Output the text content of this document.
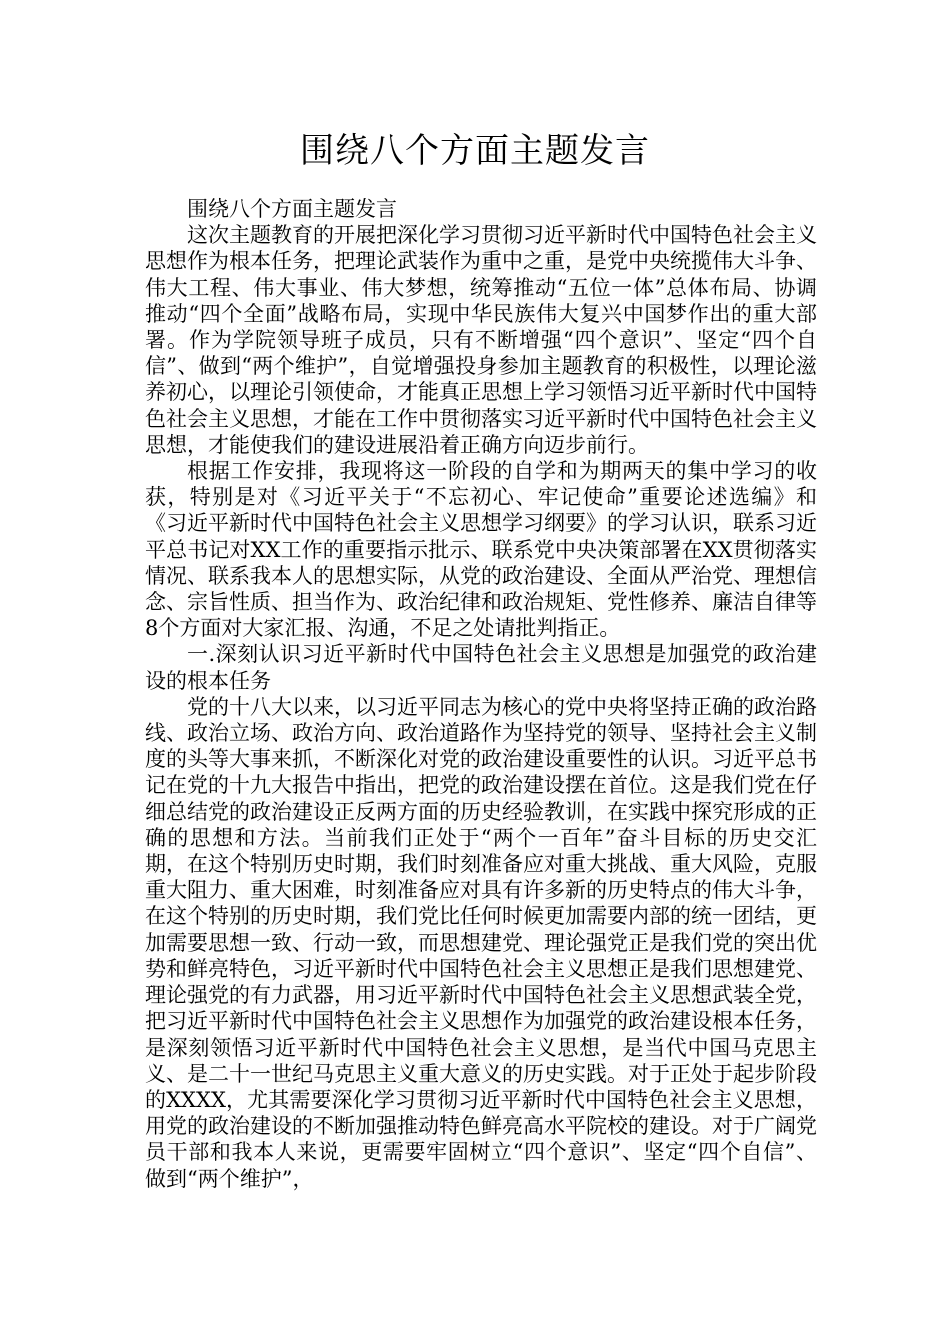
围绕八个方面主题发言

围绕八个方面主题发言

这次主题教育的开展把深化学习贯彻习近平新时代中国特色社会主义思想作为根本任务，把理论武装作为重中之重，是党中央统揽伟大斗争、伟大工程、伟大事业、伟大梦想，统筹推动“五位一体”总体布局、协调推动“四个全面”战略布局，实现中华民族伟大复兴中国梦作出的重大部署。作为学院领导班子成员，只有不断增强“四个意识”、坚定“四个自信”、做到“两个维护”，自觉增强投身参加主题教育的积极性，以理论滋养初心，以理论引领使命，才能真正思想上学习领悟习近平新时代中国特色社会主义思想，才能在工作中贯彻落实习近平新时代中国特色社会主义思想，才能使我们的建设进展沿着正确方向迈步前行。

根据工作安排，我现将这一阶段的自学和为期两天的集中学习的收获，特别是对《习近平关于“不忘初心、牢记使命”重要论述选编》和《习近平新时代中国特色社会主义思想学习纲要》的学习认识，联系习近平总书记对XX工作的重要指示批示、联系党中央决策部署在XX贯彻落实情况、联系我本人的思想实际，从党的政治建设、全面从严治党、理想信念、宗旨性质、担当作为、政治纪律和政治规矩、党性修养、廉洁自律等8个方面对大家汇报、沟通，不足之处请批判指正。

一.深刻认识习近平新时代中国特色社会主义思想是加强党的政治建设的根本任务

党的十八大以来，以习近平同志为核心的党中央将坚持正确的政治路线、政治立场、政治方向、政治道路作为坚持党的领导、坚持社会主义制度的头等大事来抓，不断深化对党的政治建设重要性的认识。习近平总书记在党的十九大报告中指出，把党的政治建设摆在首位。这是我们党在仔细总结党的政治建设正反两方面的历史经验教训，在实践中探究形成的正确的思想和方法。当前我们正处于“两个一百年”奋斗目标的历史交汇期，在这个特别历史时期，我们时刻准备应对重大挑战、重大风险，克服重大阻力、重大困难，时刻准备应对具有许多新的历史特点的伟大斗争，在这个特别的历史时期，我们党比任何时候更加需要内部的统一团结，更加需要思想一致、行动一致，而思想建党、理论强党正是我们党的突出优势和鲜亮特色，习近平新时代中国特色社会主义思想正是我们思想建党、理论强党的有力武器，用习近平新时代中国特色社会主义思想武装全党，把习近平新时代中国特色社会主义思想作为加强党的政治建设根本任务，是深刻领悟习近平新时代中国特色社会主义思想，是当代中国马克思主义、是二十一世纪马克思主义重大意义的历史实践。对于正处于起步阶段的XXXX，尤其需要深化学习贯彻习近平新时代中国特色社会主义思想，用党的政治建设的不断加强推动特色鲜亮高水平院校的建设。对于广阔党员干部和我本人来说，更需要牢固树立“四个意识”、坚定“四个自信”、做到“两个维护”，
